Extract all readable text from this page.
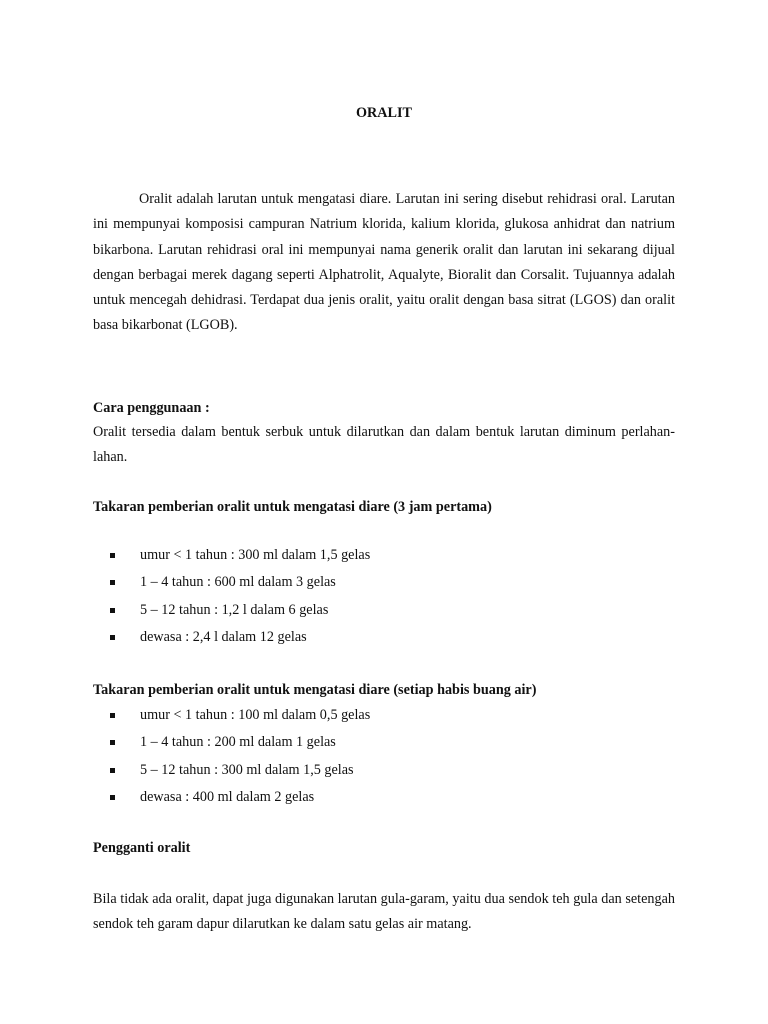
ORALIT

Oralit adalah larutan untuk mengatasi diare. Larutan ini sering disebut rehidrasi oral. Larutan ini mempunyai komposisi campuran Natrium klorida, kalium klorida, glukosa anhidrat dan natrium bikarbona. Larutan rehidrasi oral ini mempunyai nama generik oralit dan larutan ini sekarang dijual dengan berbagai merek dagang seperti Alphatrolit, Aqualyte, Bioralit dan Corsalit. Tujuannya adalah untuk mencegah dehidrasi. Terdapat dua jenis oralit, yaitu oralit dengan basa sitrat (LGOS) dan oralit basa bikarbonat (LGOB).

Cara penggunaan :

Oralit tersedia dalam bentuk serbuk untuk dilarutkan dan dalam bentuk larutan diminum perlahan-lahan.

Takaran pemberian oralit untuk mengatasi diare (3 jam pertama)

umur < 1 tahun : 300 ml dalam 1,5 gelas
1 – 4 tahun : 600 ml dalam 3 gelas
5 – 12 tahun : 1,2 l dalam 6 gelas
dewasa : 2,4 l dalam 12 gelas

Takaran pemberian oralit untuk mengatasi diare (setiap habis buang air)

umur < 1 tahun : 100 ml dalam 0,5 gelas
1 – 4 tahun : 200 ml dalam 1 gelas
5 – 12 tahun : 300 ml dalam 1,5 gelas
dewasa : 400 ml dalam 2 gelas

Pengganti oralit

Bila tidak ada oralit, dapat juga digunakan larutan gula-garam, yaitu dua sendok teh gula dan setengah sendok teh garam dapur dilarutkan ke dalam satu gelas air matang.
